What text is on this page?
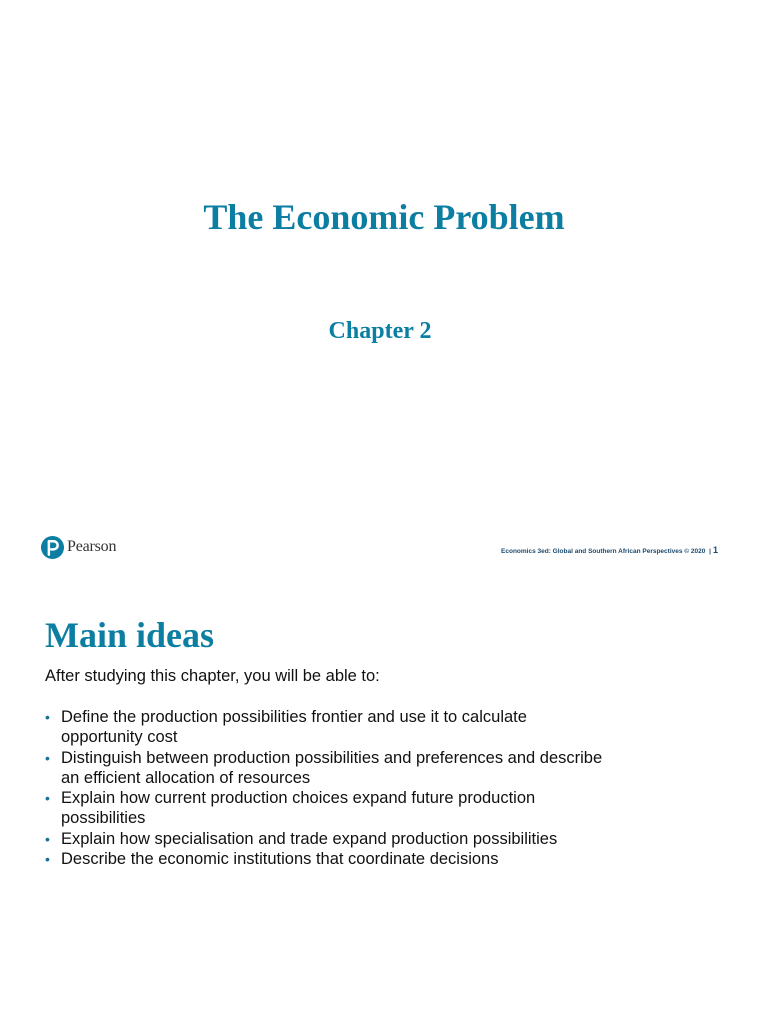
The Economic Problem
Chapter 2
Pearson	Economics 3ed: Global and Southern African Perspectives © 2020 | 1
Main ideas
After studying this chapter, you will be able to:
• Define the production possibilities frontier and use it to calculate opportunity cost
• Distinguish between production possibilities and preferences and describe an efficient allocation of resources
• Explain how current production choices expand future production possibilities
• Explain how specialisation and trade expand production possibilities
• Describe the economic institutions that coordinate decisions
